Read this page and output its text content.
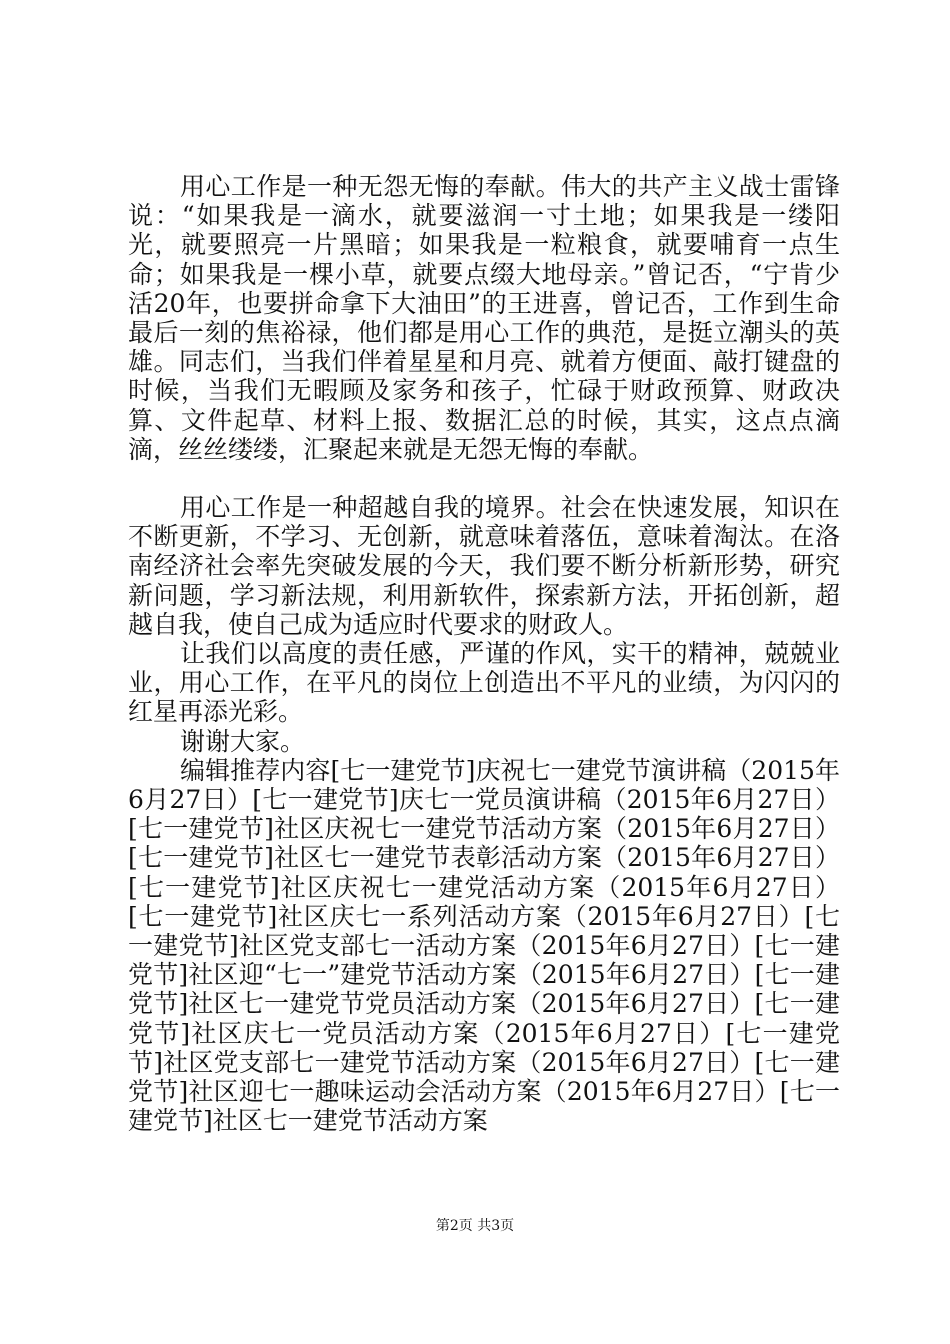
用心工作是一种无怨无悔的奉献。伟大的共产主义战士雷锋说：“如果我是一滴水，就要滋润一寸土地；如果我是一缕阳光，就要照亮一片黑暗；如果我是一粒粮食，就要哺育一点生命；如果我是一棵小草，就要点缀大地母亲。”曾记否，“宁肯少活20年，也要拼命拿下大油田”的王进喜，曾记否，工作到生命最后一刻的焦裕禄，他们都是用心工作的典范，是挺立潮头的英雄。同志们，当我们伴着星星和月亮、就着方便面、敲打键盘的时候，当我们无暇顾及家务和孩子，忙碌于财政预算、财政决算、文件起草、材料上报、数据汇总的时候，其实，这点点滴滴，丝丝缕缕，汇聚起来就是无怨无悔的奉献。

用心工作是一种超越自我的境界。社会在快速发展，知识在不断更新，不学习、无创新，就意味着落伍，意味着淘汰。在洛南经济社会率先突破发展的今天，我们要不断分析新形势，研究新问题，学习新法规，利用新软件，探索新方法，开拓创新，超越自我，使自己成为适应时代要求的财政人。

让我们以高度的责任感，严谨的作风，实干的精神，兢兢业业，用心工作，在平凡的岗位上创造出不平凡的业绩，为闪闪的红星再添光彩。

谢谢大家。

编辑推荐内容[七一建党节]庆祝七一建党节演讲稿（2015年6月27日）[七一建党节]庆七一党员演讲稿（2015年6月27日）[七一建党节]社区庆祝七一建党节活动方案（2015年6月27日）[七一建党节]社区七一建党节表彰活动方案（2015年6月27日）[七一建党节]社区庆祝七一建党活动方案（2015年6月27日）[七一建党节]社区庆七一系列活动方案（2015年6月27日）[七一建党节]社区党支部七一活动方案（2015年6月27日）[七一建党节]社区迎“七一”建党节活动方案（2015年6月27日）[七一建党节]社区七一建党节党员活动方案（2015年6月27日）[七一建党节]社区庆七一党员活动方案（2015年6月27日）[七一建党节]社区党支部七一建党节活动方案（2015年6月27日）[七一建党节]社区迎七一趣味运动会活动方案（2015年6月27日）[七一建党节]社区七一建党节活动方案

第2页 共3页
